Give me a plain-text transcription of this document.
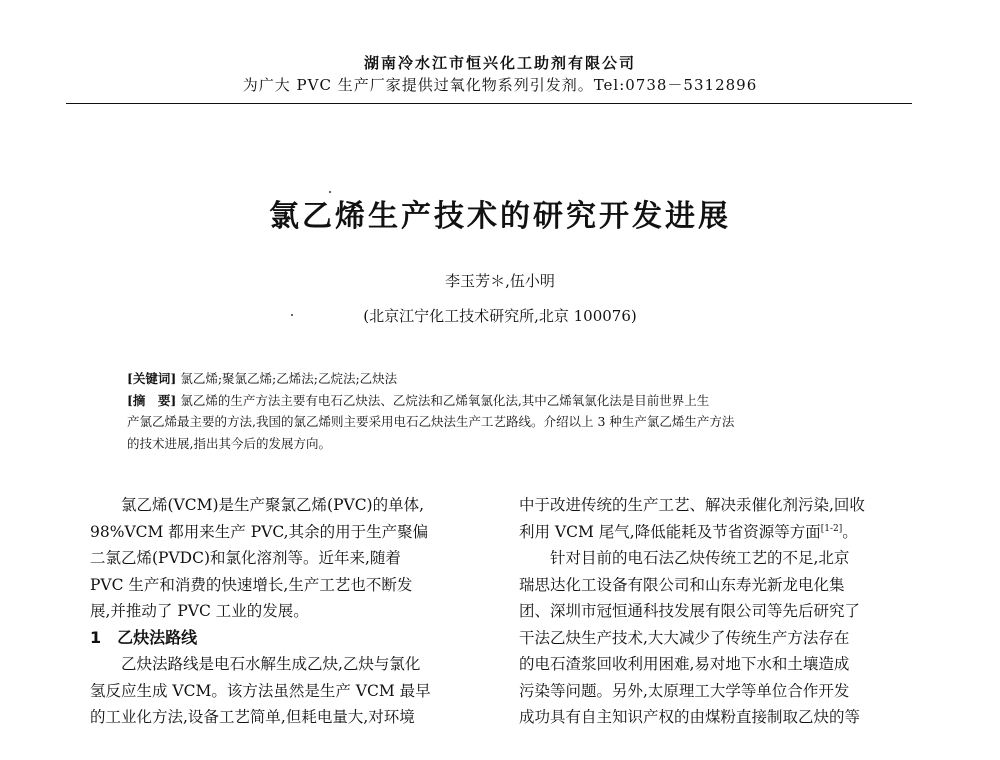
湖南冷水江市恒兴化工助剂有限公司
为广大 PVC 生产厂家提供过氧化物系列引发剂。Tel:0738－5312896
氯乙烯生产技术的研究开发进展
李玉芳＊,伍小明
(北京江宁化工技术研究所,北京 100076)
[关键词] 氯乙烯;聚氯乙烯;乙烯法;乙烷法;乙炔法
[摘　要] 氯乙烯的生产方法主要有电石乙炔法、乙烷法和乙烯氧氯化法,其中乙烯氧氯化法是目前世界上生
产氯乙烯最主要的方法,我国的氯乙烯则主要采用电石乙炔法生产工艺路线。介绍以上 3 种生产氯乙烯生产方法
的技术进展,指出其今后的发展方向。
　　氯乙烯(VCM)是生产聚氯乙烯(PVC)的单体,
98%VCM 都用来生产 PVC,其余的用于生产聚偏
二氯乙烯(PVDC)和氯化溶剂等。近年来,随着
PVC 生产和消费的快速增长,生产工艺也不断发
展,并推动了 PVC 工业的发展。
1　乙炔法路线
　　乙炔法路线是电石水解生成乙炔,乙炔与氯化
氢反应生成 VCM。该方法虽然是生产 VCM 最早
的工业化方法,设备工艺简单,但耗电量大,对环境
中于改进传统的生产工艺、解决汞催化剂污染,回收
利用 VCM 尾气,降低能耗及节省资源等方面[1-2]。
　　针对目前的电石法乙炔传统工艺的不足,北京
瑞思达化工设备有限公司和山东寿光新龙电化集
团、深圳市冠恒通科技发展有限公司等先后研究了
干法乙炔生产技术,大大减少了传统生产方法存在
的电石渣浆回收利用困难,易对地下水和土壤造成
污染等问题。另外,太原理工大学等单位合作开发
成功具有自主知识产权的由煤粉直接制取乙炔的等
